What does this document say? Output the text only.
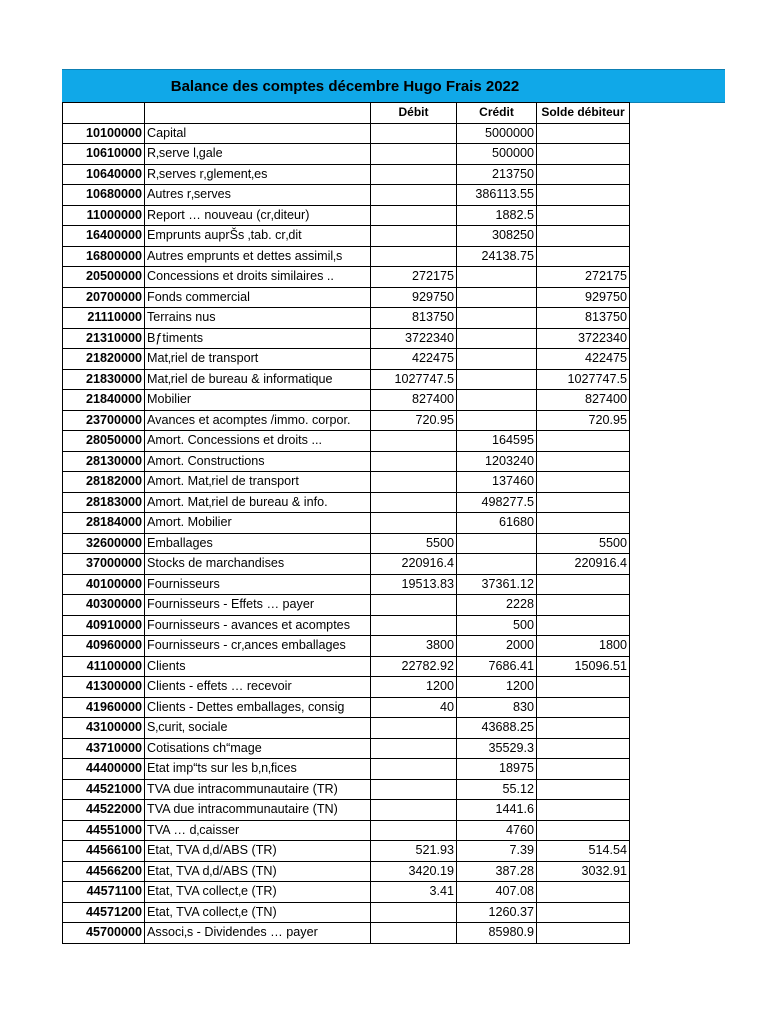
Balance des comptes décembre Hugo Frais 2022
		Débit	Crédit	Solde débiteur
10100000	Capital		5000000	
10610000	R‚serve l‚gale		500000	
10640000	R‚serves r‚glement‚es		213750	
10680000	Autres r‚serves		386113.55	
11000000	Report … nouveau (cr‚diteur)		1882.5	
16400000	Emprunts auprŠs ‚tab. cr‚dit		308250	
16800000	Autres emprunts et dettes assimil‚s		24138.75	
20500000	Concessions et droits similaires ..	272175		272175
20700000	Fonds commercial	929750		929750
21110000	Terrains nus	813750		813750
21310000	Bƒtiments	3722340		3722340
21820000	Mat‚riel de transport	422475		422475
21830000	Mat‚riel de bureau & informatique	1027747.5		1027747.5
21840000	Mobilier	827400		827400
23700000	Avances et acomptes /immo. corpor.	720.95		720.95
28050000	Amort. Concessions et droits ...		164595	
28130000	Amort. Constructions		1203240	
28182000	Amort. Mat‚riel de transport		137460	
28183000	Amort. Mat‚riel de bureau & info.		498277.5	
28184000	Amort. Mobilier		61680	
32600000	Emballages	5500		5500
37000000	Stocks de marchandises	220916.4		220916.4
40100000	Fournisseurs	19513.83	37361.12	
40300000	Fournisseurs - Effets … payer		2228	
40910000	Fournisseurs - avances et acomptes		500	
40960000	Fournisseurs - cr‚ances emballages	3800	2000	1800
41100000	Clients	22782.92	7686.41	15096.51
41300000	Clients - effets … recevoir	1200	1200	
41960000	Clients - Dettes emballages, consig	40	830	
43100000	S‚curit‚ sociale		43688.25	
43710000	Cotisations ch“mage		35529.3	
44400000	Etat imp“ts sur les b‚n‚fices		18975	
44521000	TVA due intracommunautaire (TR)		55.12	
44522000	TVA due intracommunautaire (TN)		1441.6	
44551000	TVA … d‚caisser		4760	
44566100	Etat, TVA d‚d/ABS (TR)	521.93	7.39	514.54
44566200	Etat, TVA d‚d/ABS (TN)	3420.19	387.28	3032.91
44571100	Etat, TVA collect‚e (TR)	3.41	407.08	
44571200	Etat, TVA collect‚e (TN)		1260.37	
45700000	Associ‚s - Dividendes … payer		85980.9	
